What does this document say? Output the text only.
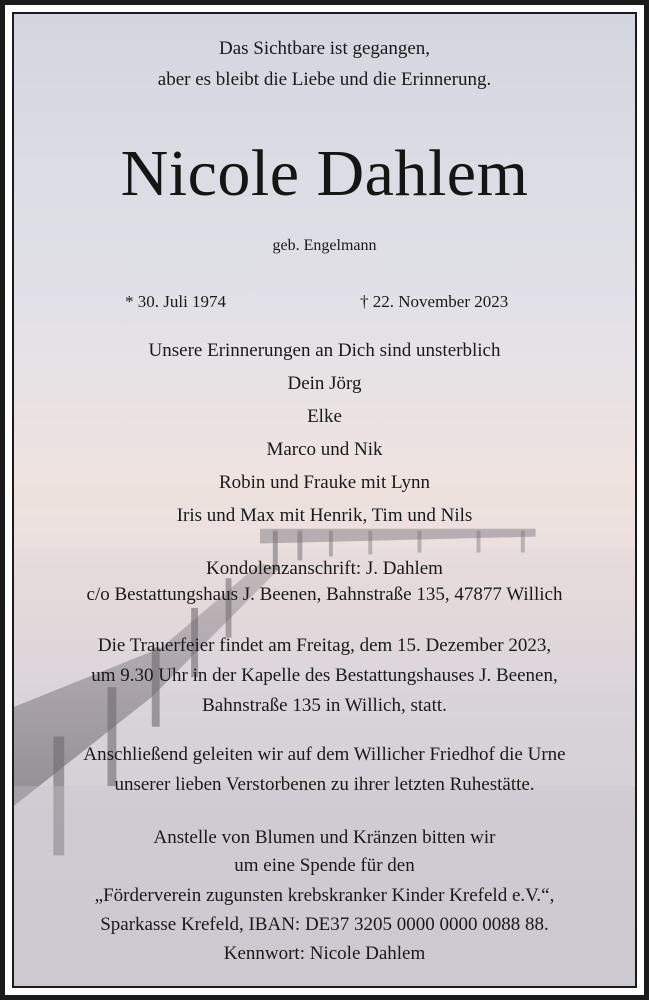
Das Sichtbare ist gegangen,
aber es bleibt die Liebe und die Erinnerung.
Nicole Dahlem
geb. Engelmann
* 30. Juli 1974	† 22. November 2023
Unsere Erinnerungen an Dich sind unsterblich
Dein Jörg
Elke
Marco und Nik
Robin und Frauke mit Lynn
Iris und Max mit Henrik, Tim und Nils
Kondolenzanschrift: J. Dahlem
c/o Bestattungshaus J. Beenen, Bahnstraße 135, 47877 Willich
Die Trauerfeier findet am Freitag, dem 15. Dezember 2023,
um 9.30 Uhr in der Kapelle des Bestattungshauses J. Beenen,
Bahnstraße 135 in Willich, statt.
Anschließend geleiten wir auf dem Willicher Friedhof die Urne
unserer lieben Verstorbenen zu ihrer letzten Ruhestätte.
Anstelle von Blumen und Kränzen bitten wir
um eine Spende für den
„Förderverein zugunsten krebskranker Kinder Krefeld e.V.“,
Sparkasse Krefeld, IBAN: DE37 3205 0000 0000 0088 88.
Kennwort: Nicole Dahlem
